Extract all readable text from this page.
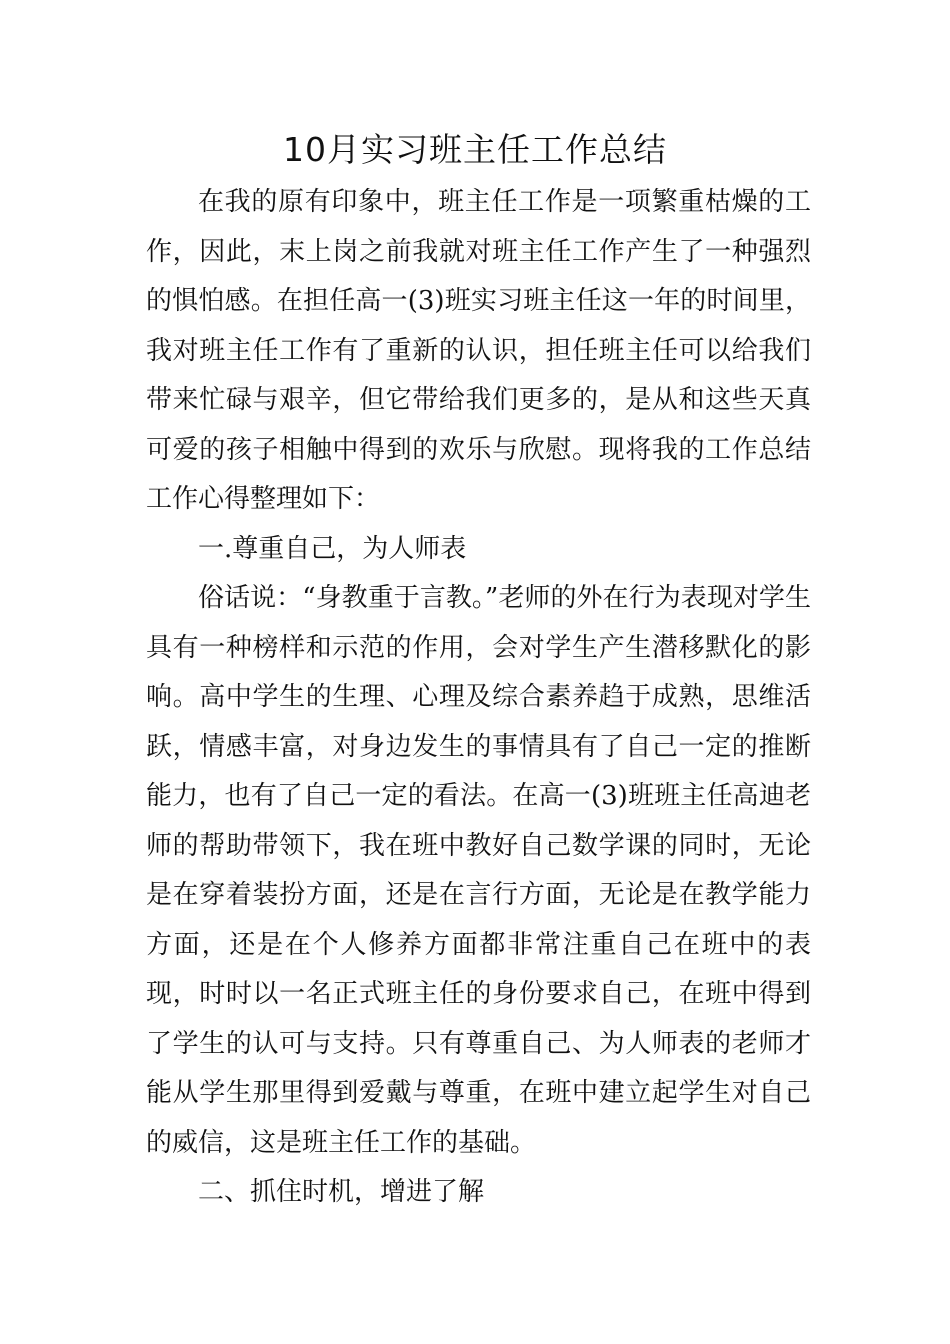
10月实习班主任工作总结

在我的原有印象中，班主任工作是一项繁重枯燥的工作，因此，末上岗之前我就对班主任工作产生了一种强烈的惧怕感。在担任高一(3)班实习班主任这一年的时间里，我对班主任工作有了重新的认识，担任班主任可以给我们带来忙碌与艰辛，但它带给我们更多的，是从和这些天真可爱的孩子相触中得到的欢乐与欣慰。现将我的工作总结工作心得整理如下：

一.尊重自己，为人师表

俗话说：“身教重于言教。”老师的外在行为表现对学生具有一种榜样和示范的作用，会对学生产生潜移默化的影响。高中学生的生理、心理及综合素养趋于成熟，思维活跃，情感丰富，对身边发生的事情具有了自己一定的推断能力，也有了自己一定的看法。在高一(3)班班主任高迪老师的帮助带领下，我在班中教好自己数学课的同时，无论是在穿着装扮方面，还是在言行方面，无论是在教学能力方面，还是在个人修养方面都非常注重自己在班中的表现，时时以一名正式班主任的身份要求自己，在班中得到了学生的认可与支持。只有尊重自己、为人师表的老师才能从学生那里得到爱戴与尊重，在班中建立起学生对自己的威信，这是班主任工作的基础。

二、抓住时机，增进了解
